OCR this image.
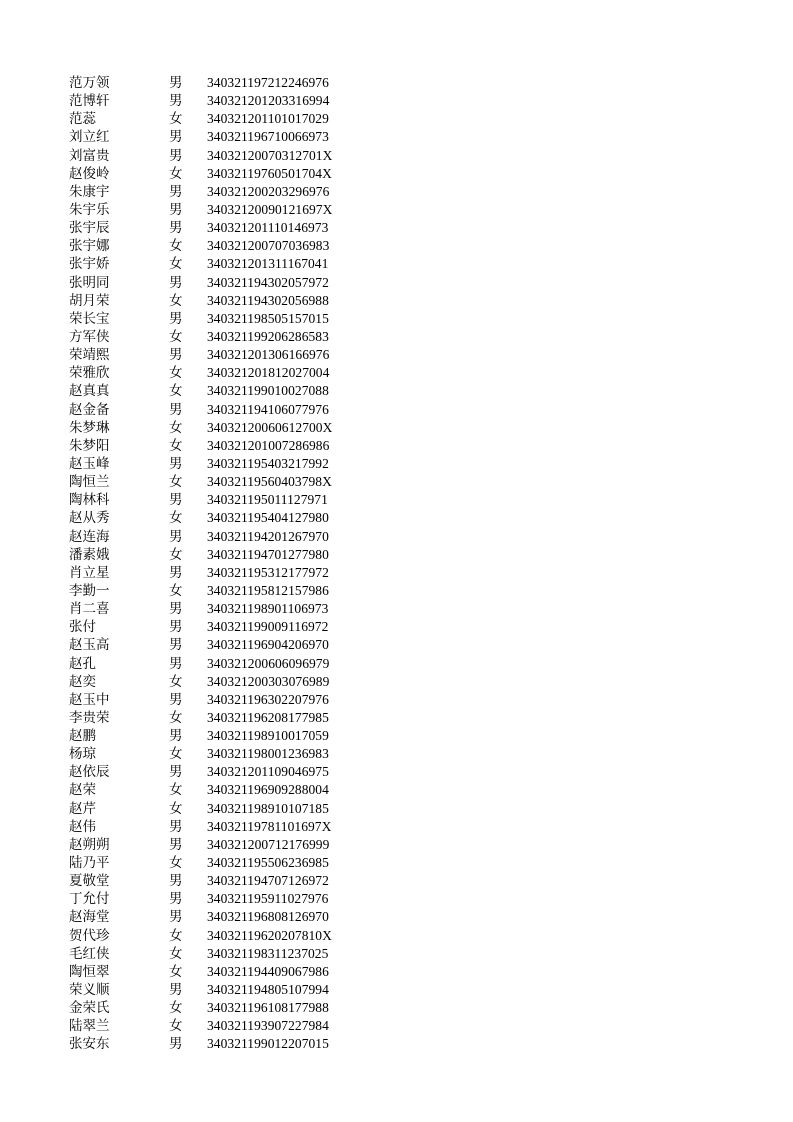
范万领	男	340321197212246976
范博轩	男	340321201203316994
范蕊	女	340321201101017029
刘立红	男	340321196710066973
刘富贵	男	34032120070312701X
赵俊岭	女	34032119760501704X
朱康宇	男	340321200203296976
朱宇乐	男	34032120090121697X
张宇辰	男	340321201110146973
张宇娜	女	340321200707036983
张宇娇	女	340321201311167041
张明同	男	340321194302057972
胡月荣	女	340321194302056988
荣长宝	男	340321198505157015
方军侠	女	340321199206286583
荣靖熙	男	340321201306166976
荣雅欣	女	340321201812027004
赵真真	女	340321199010027088
赵金备	男	340321194106077976
朱梦琳	女	34032120060612700X
朱梦阳	女	340321201007286986
赵玉峰	男	340321195403217992
陶恒兰	女	34032119560403798X
陶林科	男	340321195011127971
赵从秀	女	340321195404127980
赵连海	男	340321194201267970
潘素娥	女	340321194701277980
肖立星	男	340321195312177972
李勤一	女	340321195812157986
肖二喜	男	340321198901106973
张付	男	340321199009116972
赵玉高	男	340321196904206970
赵孔	男	340321200606096979
赵奕	女	340321200303076989
赵玉中	男	340321196302207976
李贵荣	女	340321196208177985
赵鹏	男	340321198910017059
杨琼	女	340321198001236983
赵依辰	男	340321201109046975
赵荣	女	340321196909288004
赵芹	女	340321198910107185
赵伟	男	34032119781101697X
赵朔朔	男	340321200712176999
陆乃平	女	340321195506236985
夏敬堂	男	340321194707126972
丁允付	男	340321195911027976
赵海堂	男	340321196808126970
贺代珍	女	34032119620207810X
毛红侠	女	340321198311237025
陶恒翠	女	340321194409067986
荣义顺	男	340321194805107994
金荣氏	女	340321196108177988
陆翠兰	女	340321193907227984
张安东	男	340321199012207015
